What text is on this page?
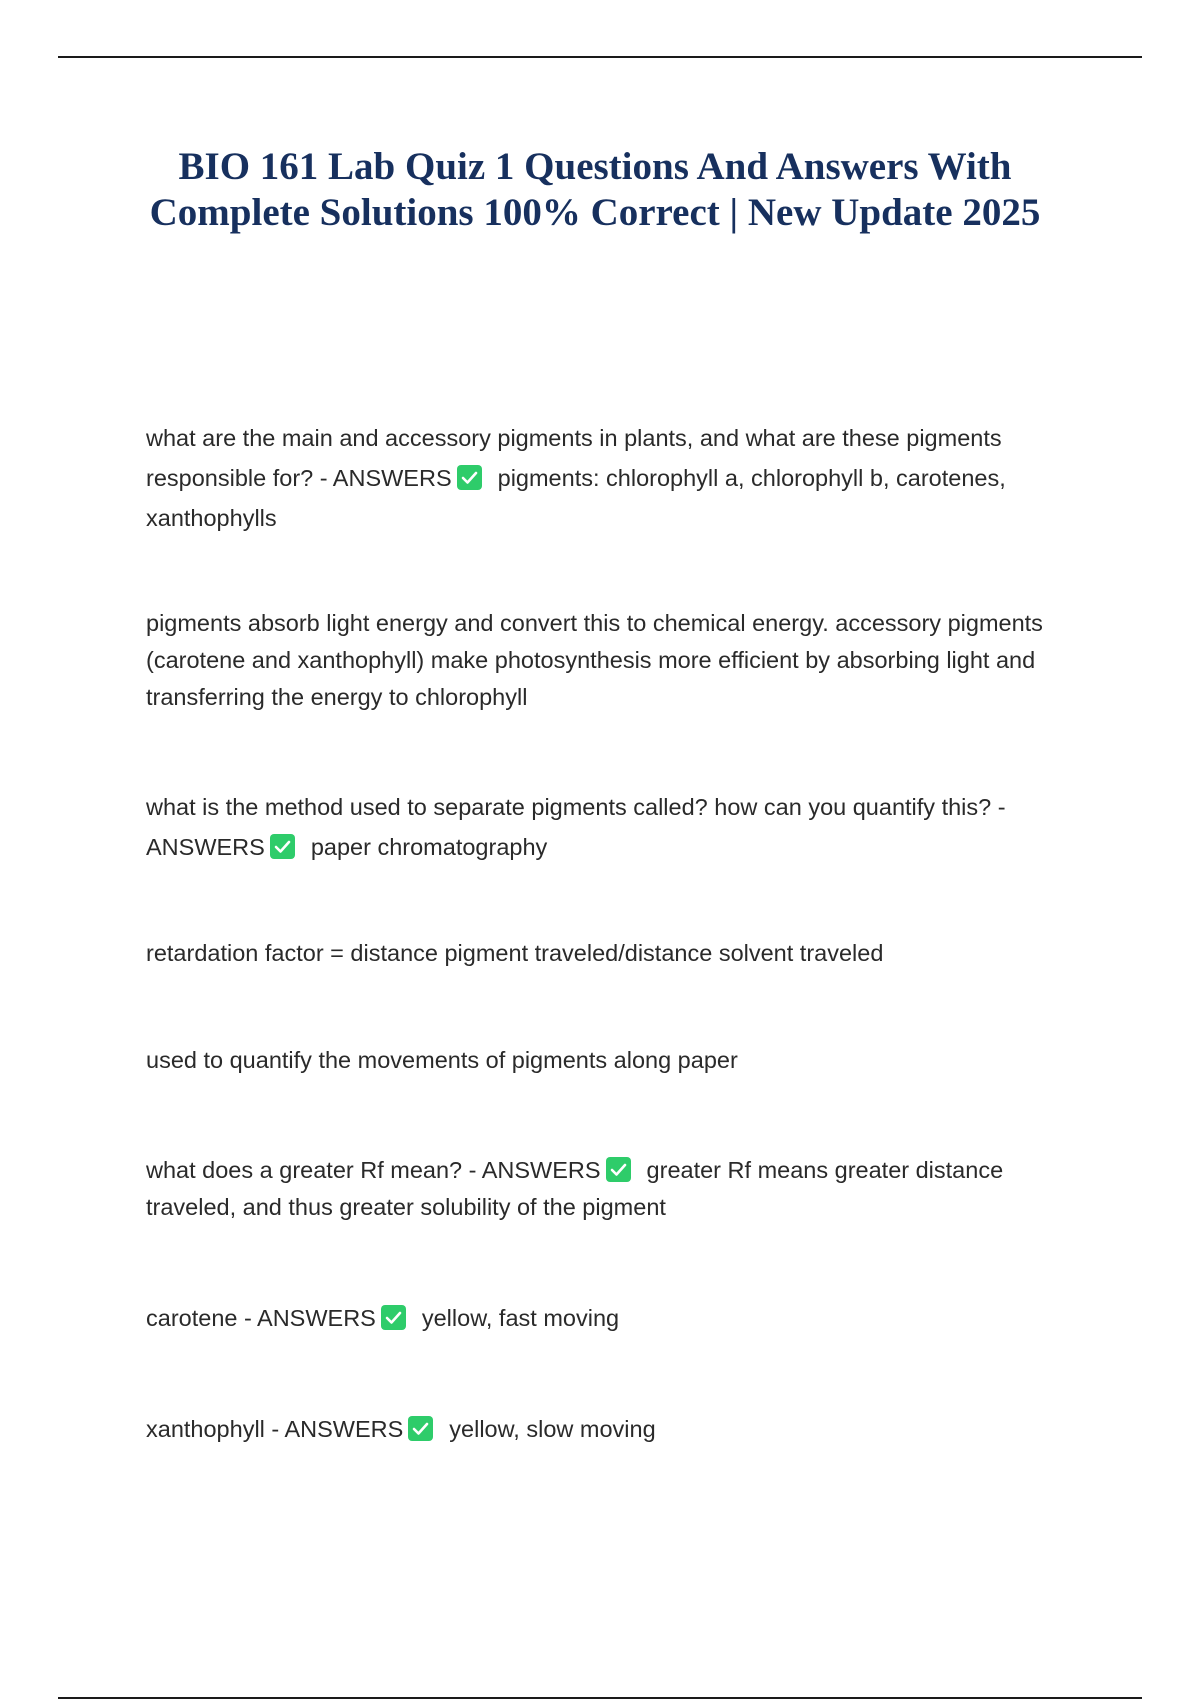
BIO 161 Lab Quiz 1 Questions And Answers With Complete Solutions 100% Correct | New Update 2025

what are the main and accessory pigments in plants, and what are these pigments responsible for? - ANSWERS pigments: chlorophyll a, chlorophyll b, carotenes, xanthophylls

pigments absorb light energy and convert this to chemical energy. accessory pigments (carotene and xanthophyll) make photosynthesis more efficient by absorbing light and transferring the energy to chlorophyll

what is the method used to separate pigments called? how can you quantify this? - ANSWERS paper chromatography

retardation factor = distance pigment traveled/distance solvent traveled

used to quantify the movements of pigments along paper

what does a greater Rf mean? - ANSWERS greater Rf means greater distance traveled, and thus greater solubility of the pigment

carotene - ANSWERS yellow, fast moving

xanthophyll - ANSWERS yellow, slow moving
